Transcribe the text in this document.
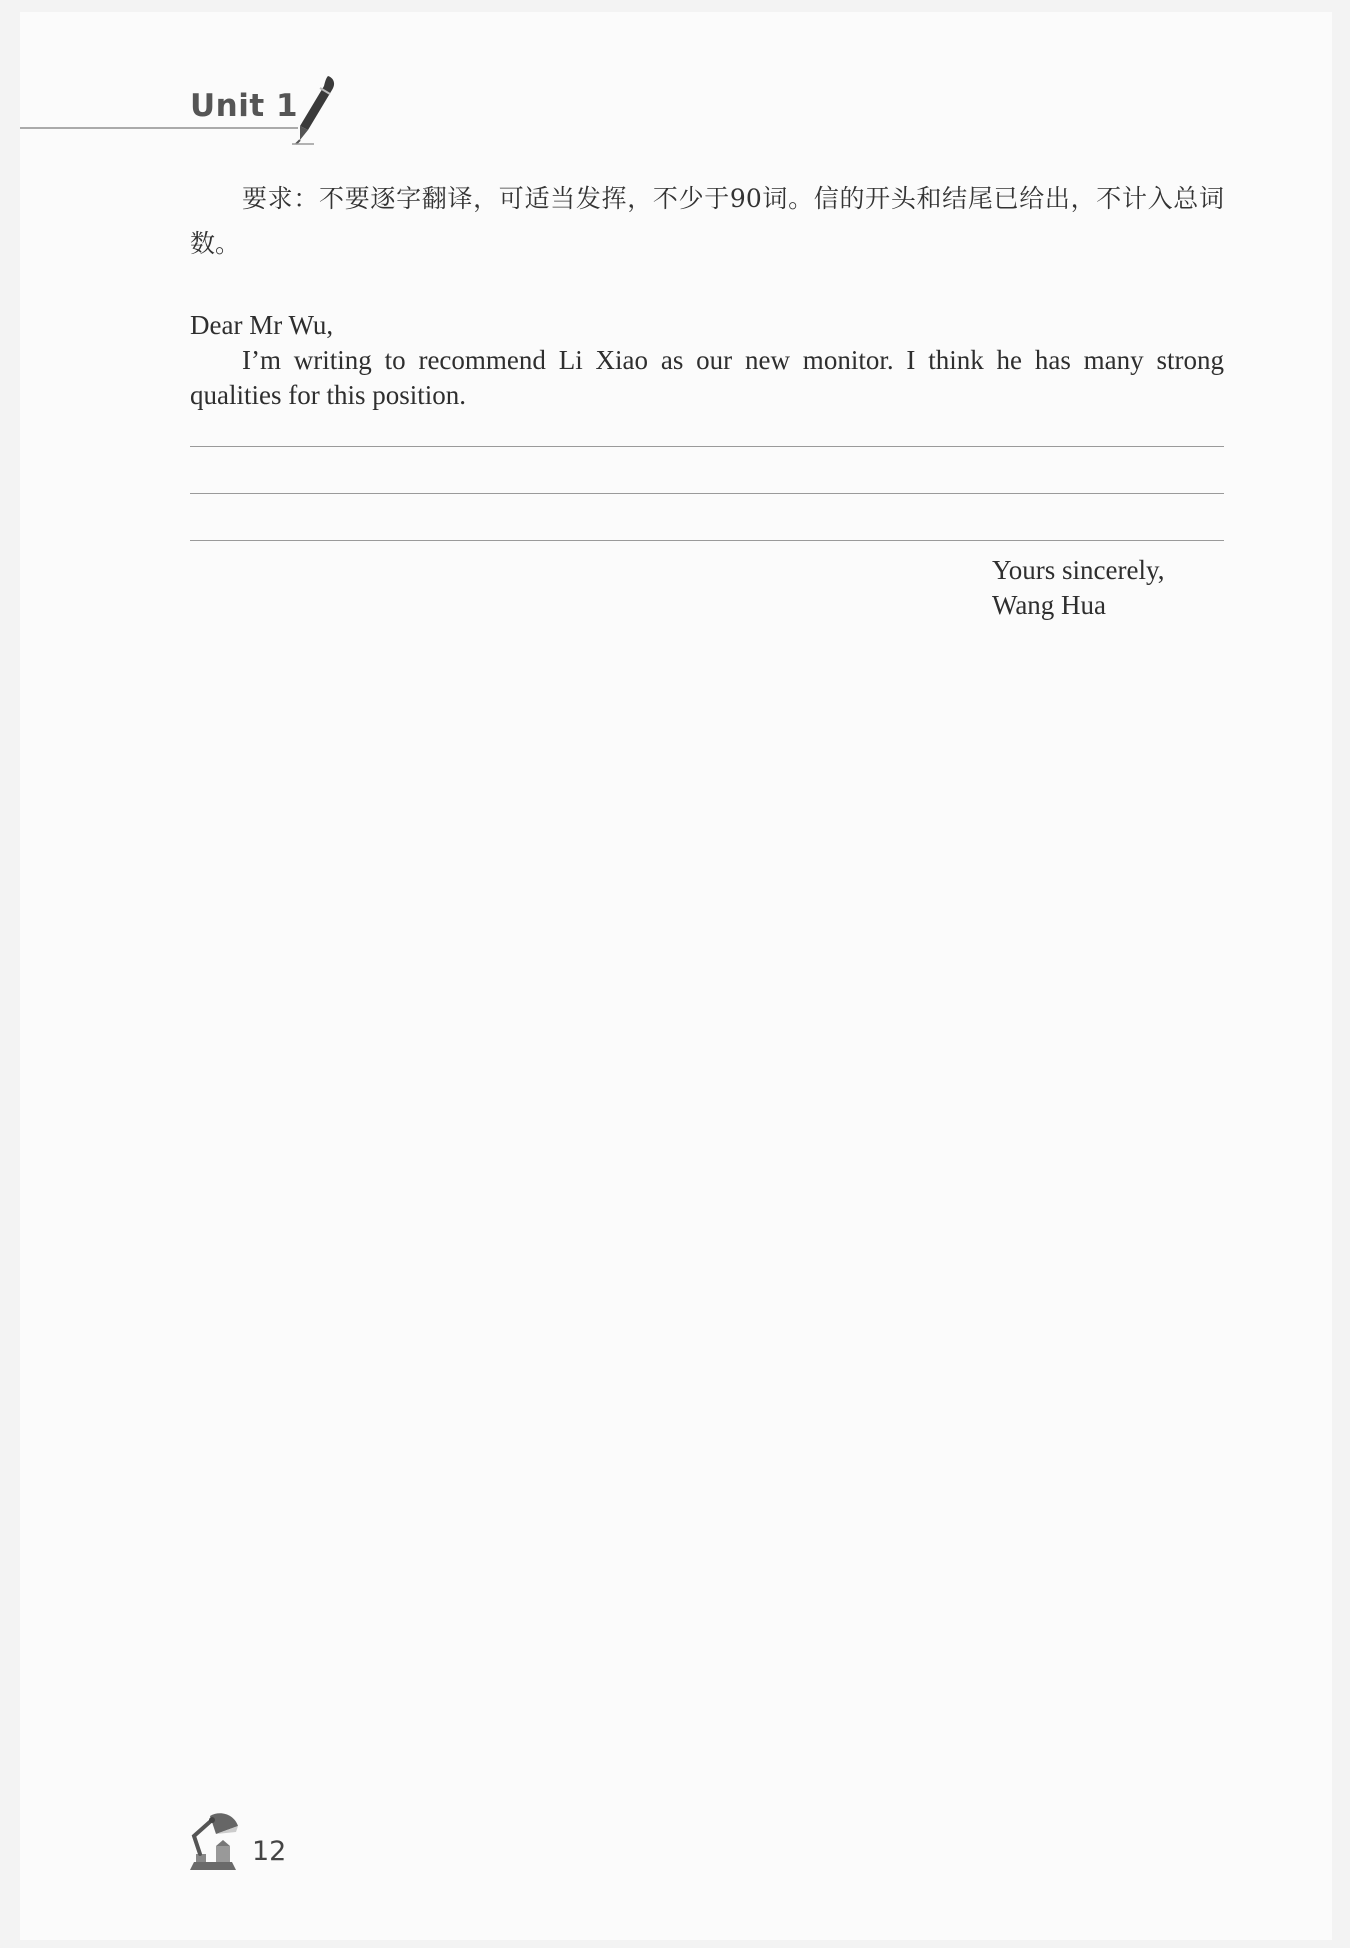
Unit 1
要求：不要逐字翻译，可适当发挥，不少于90词。信的开头和结尾已给出，不计入总词数。
Dear Mr Wu,
I’m writing to recommend Li Xiao as our new monitor. I think he has many strong qualities for this position.
Yours sincerely,
Wang Hua
12
